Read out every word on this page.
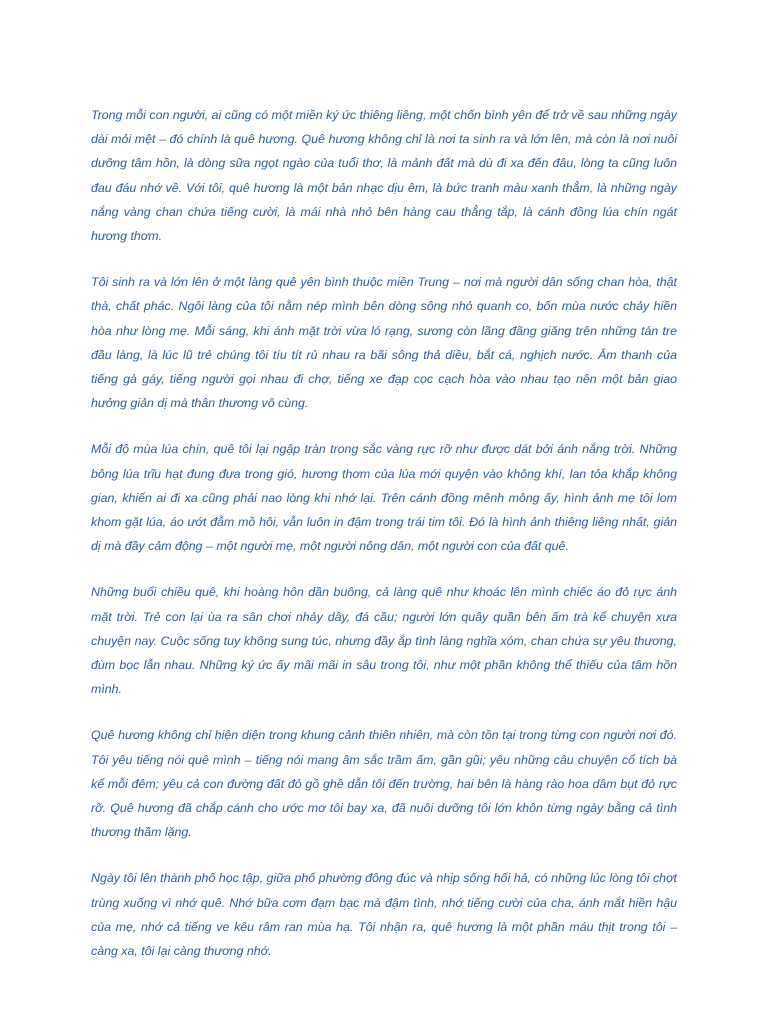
Trong mỗi con người, ai cũng có một miền ký ức thiêng liêng, một chốn bình yên để trở về sau những ngày dài mỏi mệt – đó chính là quê hương. Quê hương không chỉ là nơi ta sinh ra và lớn lên, mà còn là nơi nuôi dưỡng tâm hồn, là dòng sữa ngọt ngào của tuổi thơ, là mảnh đất mà dù đi xa đến đâu, lòng ta cũng luôn đau đáu nhớ về. Với tôi, quê hương là một bản nhạc dịu êm, là bức tranh màu xanh thẳm, là những ngày nắng vàng chan chứa tiếng cười, là mái nhà nhỏ bên hàng cau thẳng tắp, là cánh đồng lúa chín ngát hương thơm.

Tôi sinh ra và lớn lên ở một làng quê yên bình thuộc miền Trung – nơi mà người dân sống chan hòa, thật thà, chất phác. Ngôi làng của tôi nằm nép mình bên dòng sông nhỏ quanh co, bốn mùa nước chảy hiền hòa như lòng mẹ. Mỗi sáng, khi ánh mặt trời vừa ló rạng, sương còn lãng đãng giăng trên những tán tre đầu làng, là lúc lũ trẻ chúng tôi tíu tít rủ nhau ra bãi sông thả diều, bắt cá, nghịch nước. Âm thanh của tiếng gà gáy, tiếng người gọi nhau đi chợ, tiếng xe đạp cọc cạch hòa vào nhau tạo nên một bản giao hưởng giản dị mà thân thương vô cùng.

Mỗi độ mùa lúa chín, quê tôi lại ngập tràn trong sắc vàng rực rỡ như được dát bởi ánh nắng trời. Những bông lúa trĩu hạt đung đưa trong gió, hương thơm của lúa mới quyện vào không khí, lan tỏa khắp không gian, khiến ai đi xa cũng phải nao lòng khi nhớ lại. Trên cánh đồng mênh mông ấy, hình ảnh mẹ tôi lom khom gặt lúa, áo ướt đẫm mồ hôi, vẫn luôn in đậm trong trái tim tôi. Đó là hình ảnh thiêng liêng nhất, giản dị mà đầy cảm động – một người mẹ, một người nông dân, một người con của đất quê.

Những buổi chiều quê, khi hoàng hôn dần buông, cả làng quê như khoác lên mình chiếc áo đỏ rực ánh mặt trời. Trẻ con lại ùa ra sân chơi nhảy dây, đá cầu; người lớn quây quần bên ấm trà kể chuyện xưa chuyện nay. Cuộc sống tuy không sung túc, nhưng đầy ắp tình làng nghĩa xóm, chan chứa sự yêu thương, đùm bọc lẫn nhau. Những ký ức ấy mãi mãi in sâu trong tôi, như một phần không thể thiếu của tâm hồn mình.

Quê hương không chỉ hiện diện trong khung cảnh thiên nhiên, mà còn tồn tại trong từng con người nơi đó. Tôi yêu tiếng nói quê mình – tiếng nói mang âm sắc trầm ấm, gần gũi; yêu những câu chuyện cổ tích bà kể mỗi đêm; yêu cả con đường đất đỏ gồ ghề dẫn tôi đến trường, hai bên là hàng rào hoa dâm bụt đỏ rực rỡ. Quê hương đã chắp cánh cho ước mơ tôi bay xa, đã nuôi dưỡng tôi lớn khôn từng ngày bằng cả tình thương thầm lặng.

Ngày tôi lên thành phố học tập, giữa phố phường đông đúc và nhịp sống hối hả, có những lúc lòng tôi chợt trùng xuống vì nhớ quê. Nhớ bữa cơm đạm bạc mà đậm tình, nhớ tiếng cười của cha, ánh mắt hiền hậu của mẹ, nhớ cả tiếng ve kêu râm ran mùa hạ. Tôi nhận ra, quê hương là một phần máu thịt trong tôi – càng xa, tôi lại càng thương nhớ.
